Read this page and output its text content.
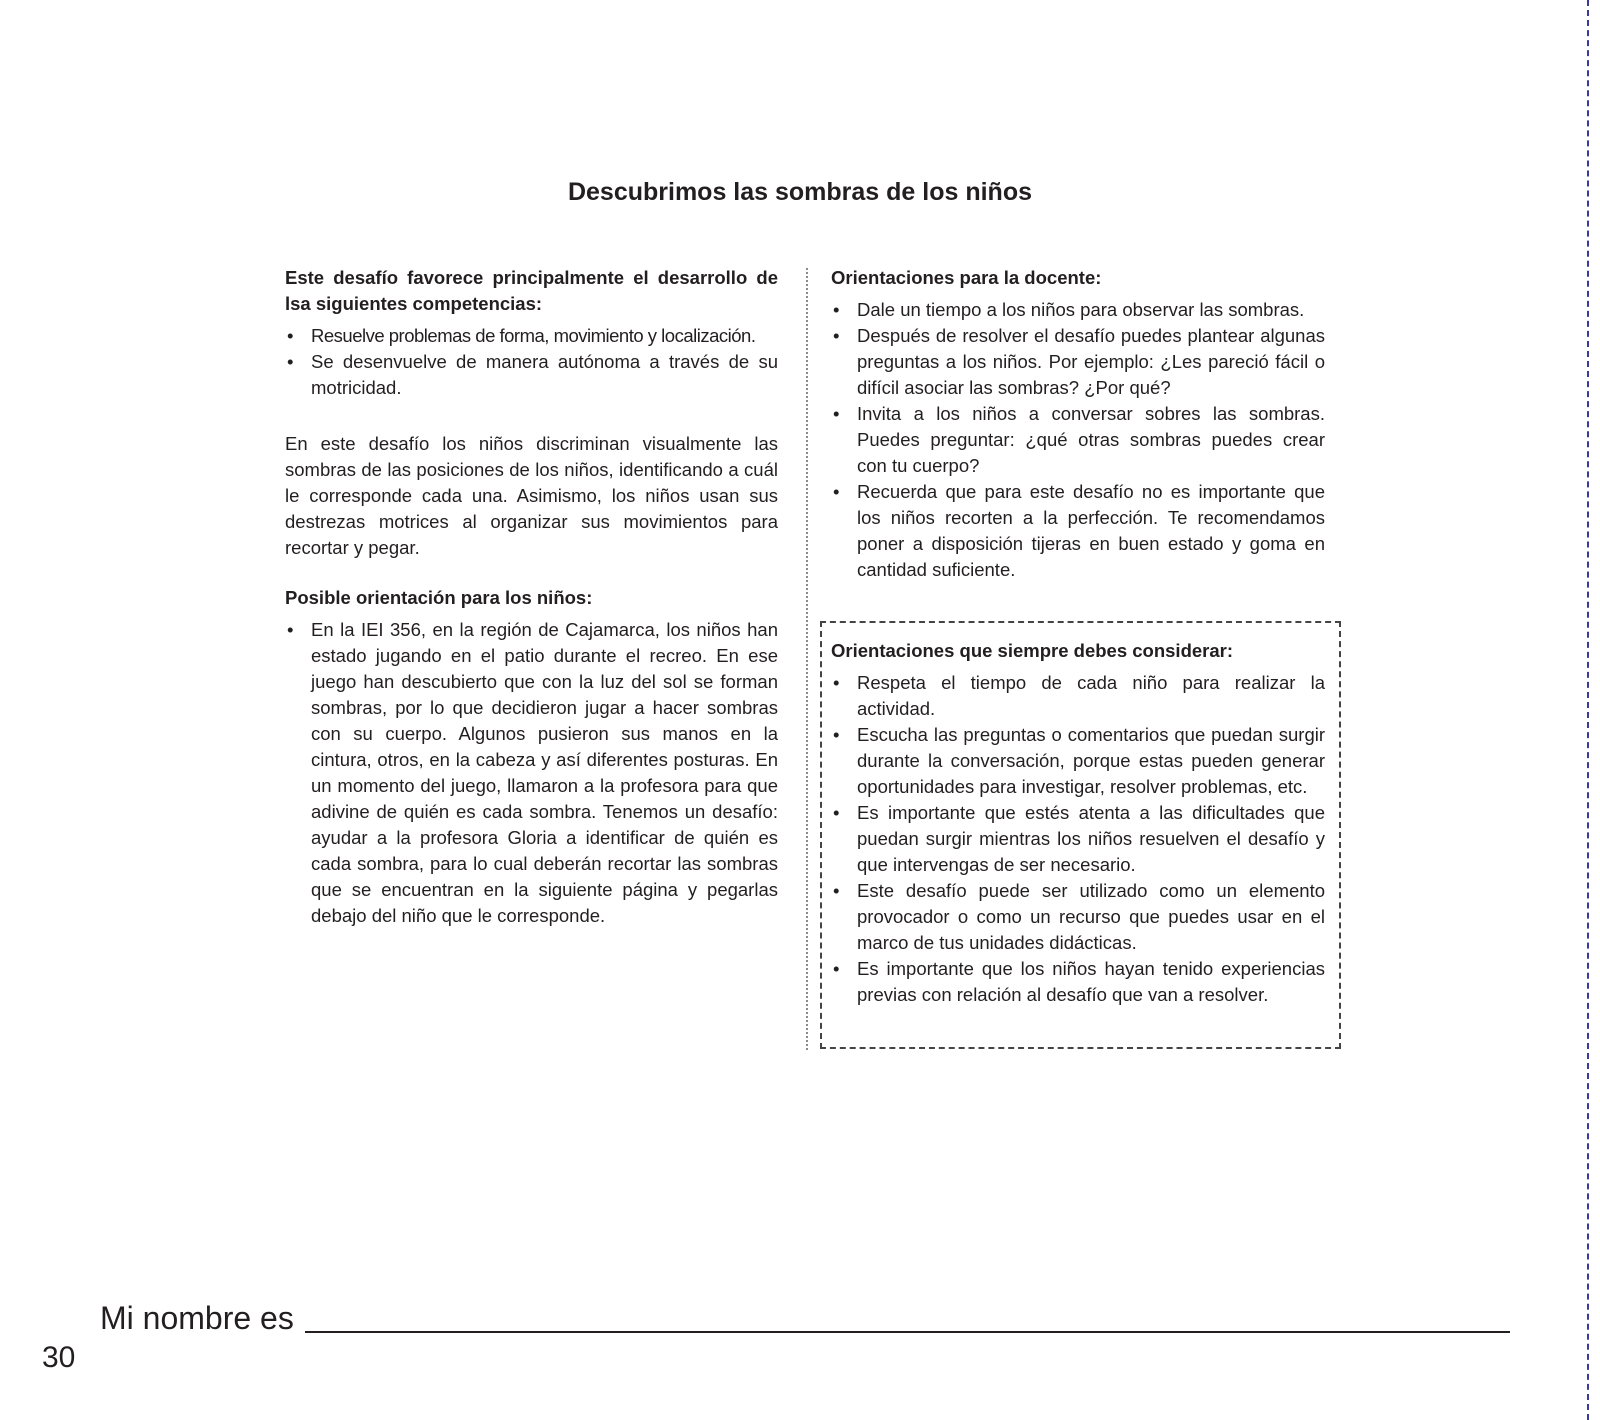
Descubrimos las sombras de los niños

Este desafío favorece principalmente el desarrollo de lsa siguientes competencias:

• Resuelve problemas de forma, movimiento y localización.
• Se desenvuelve de manera autónoma a través de su motricidad.

En este desafío los niños discriminan visualmente las sombras de las posiciones de los niños, identificando a cuál le corresponde cada una. Asimismo, los niños usan sus destrezas motrices al organizar sus movimientos para recortar y pegar.

Posible orientación para los niños:

• En la IEI 356, en la región de Cajamarca, los niños han estado jugando en el patio durante el recreo. En ese juego han descubierto que con la luz del sol se forman sombras, por lo que decidieron jugar a hacer sombras con su cuerpo. Algunos pusieron sus manos en la cintura, otros, en la cabeza y así diferentes posturas. En un momento del juego, llamaron a la profesora para que adivine de quién es cada sombra. Tenemos un desafío: ayudar a la profesora Gloria a identificar de quién es cada sombra, para lo cual deberán recortar las sombras que se encuentran en la siguiente página y pegarlas debajo del niño que le corresponde.

Orientaciones para la docente:

• Dale un tiempo a los niños para observar las sombras.
• Después de resolver el desafío puedes plantear algunas preguntas a los niños. Por ejemplo: ¿Les pareció fácil o difícil asociar las sombras? ¿Por qué?
• Invita a los niños a conversar sobres las sombras. Puedes preguntar: ¿qué otras sombras puedes crear con tu cuerpo?
• Recuerda que para este desafío no es importante que los niños recorten a la perfección. Te recomendamos poner a disposición tijeras en buen estado y goma en cantidad suficiente.

Orientaciones que siempre debes considerar:

• Respeta el tiempo de cada niño para realizar la actividad.
• Escucha las preguntas o comentarios que puedan surgir durante la conversación, porque estas pueden generar oportunidades para investigar, resolver problemas, etc.
• Es importante que estés atenta a las dificultades que puedan surgir mientras los niños resuelven el desafío y que intervengas de ser necesario.
• Este desafío puede ser utilizado como un elemento provocador o como un recurso que puedes usar en el marco de tus unidades didácticas.
• Es importante que los niños hayan tenido experiencias previas con relación al desafío que van a resolver.
Mi nombre es
30
